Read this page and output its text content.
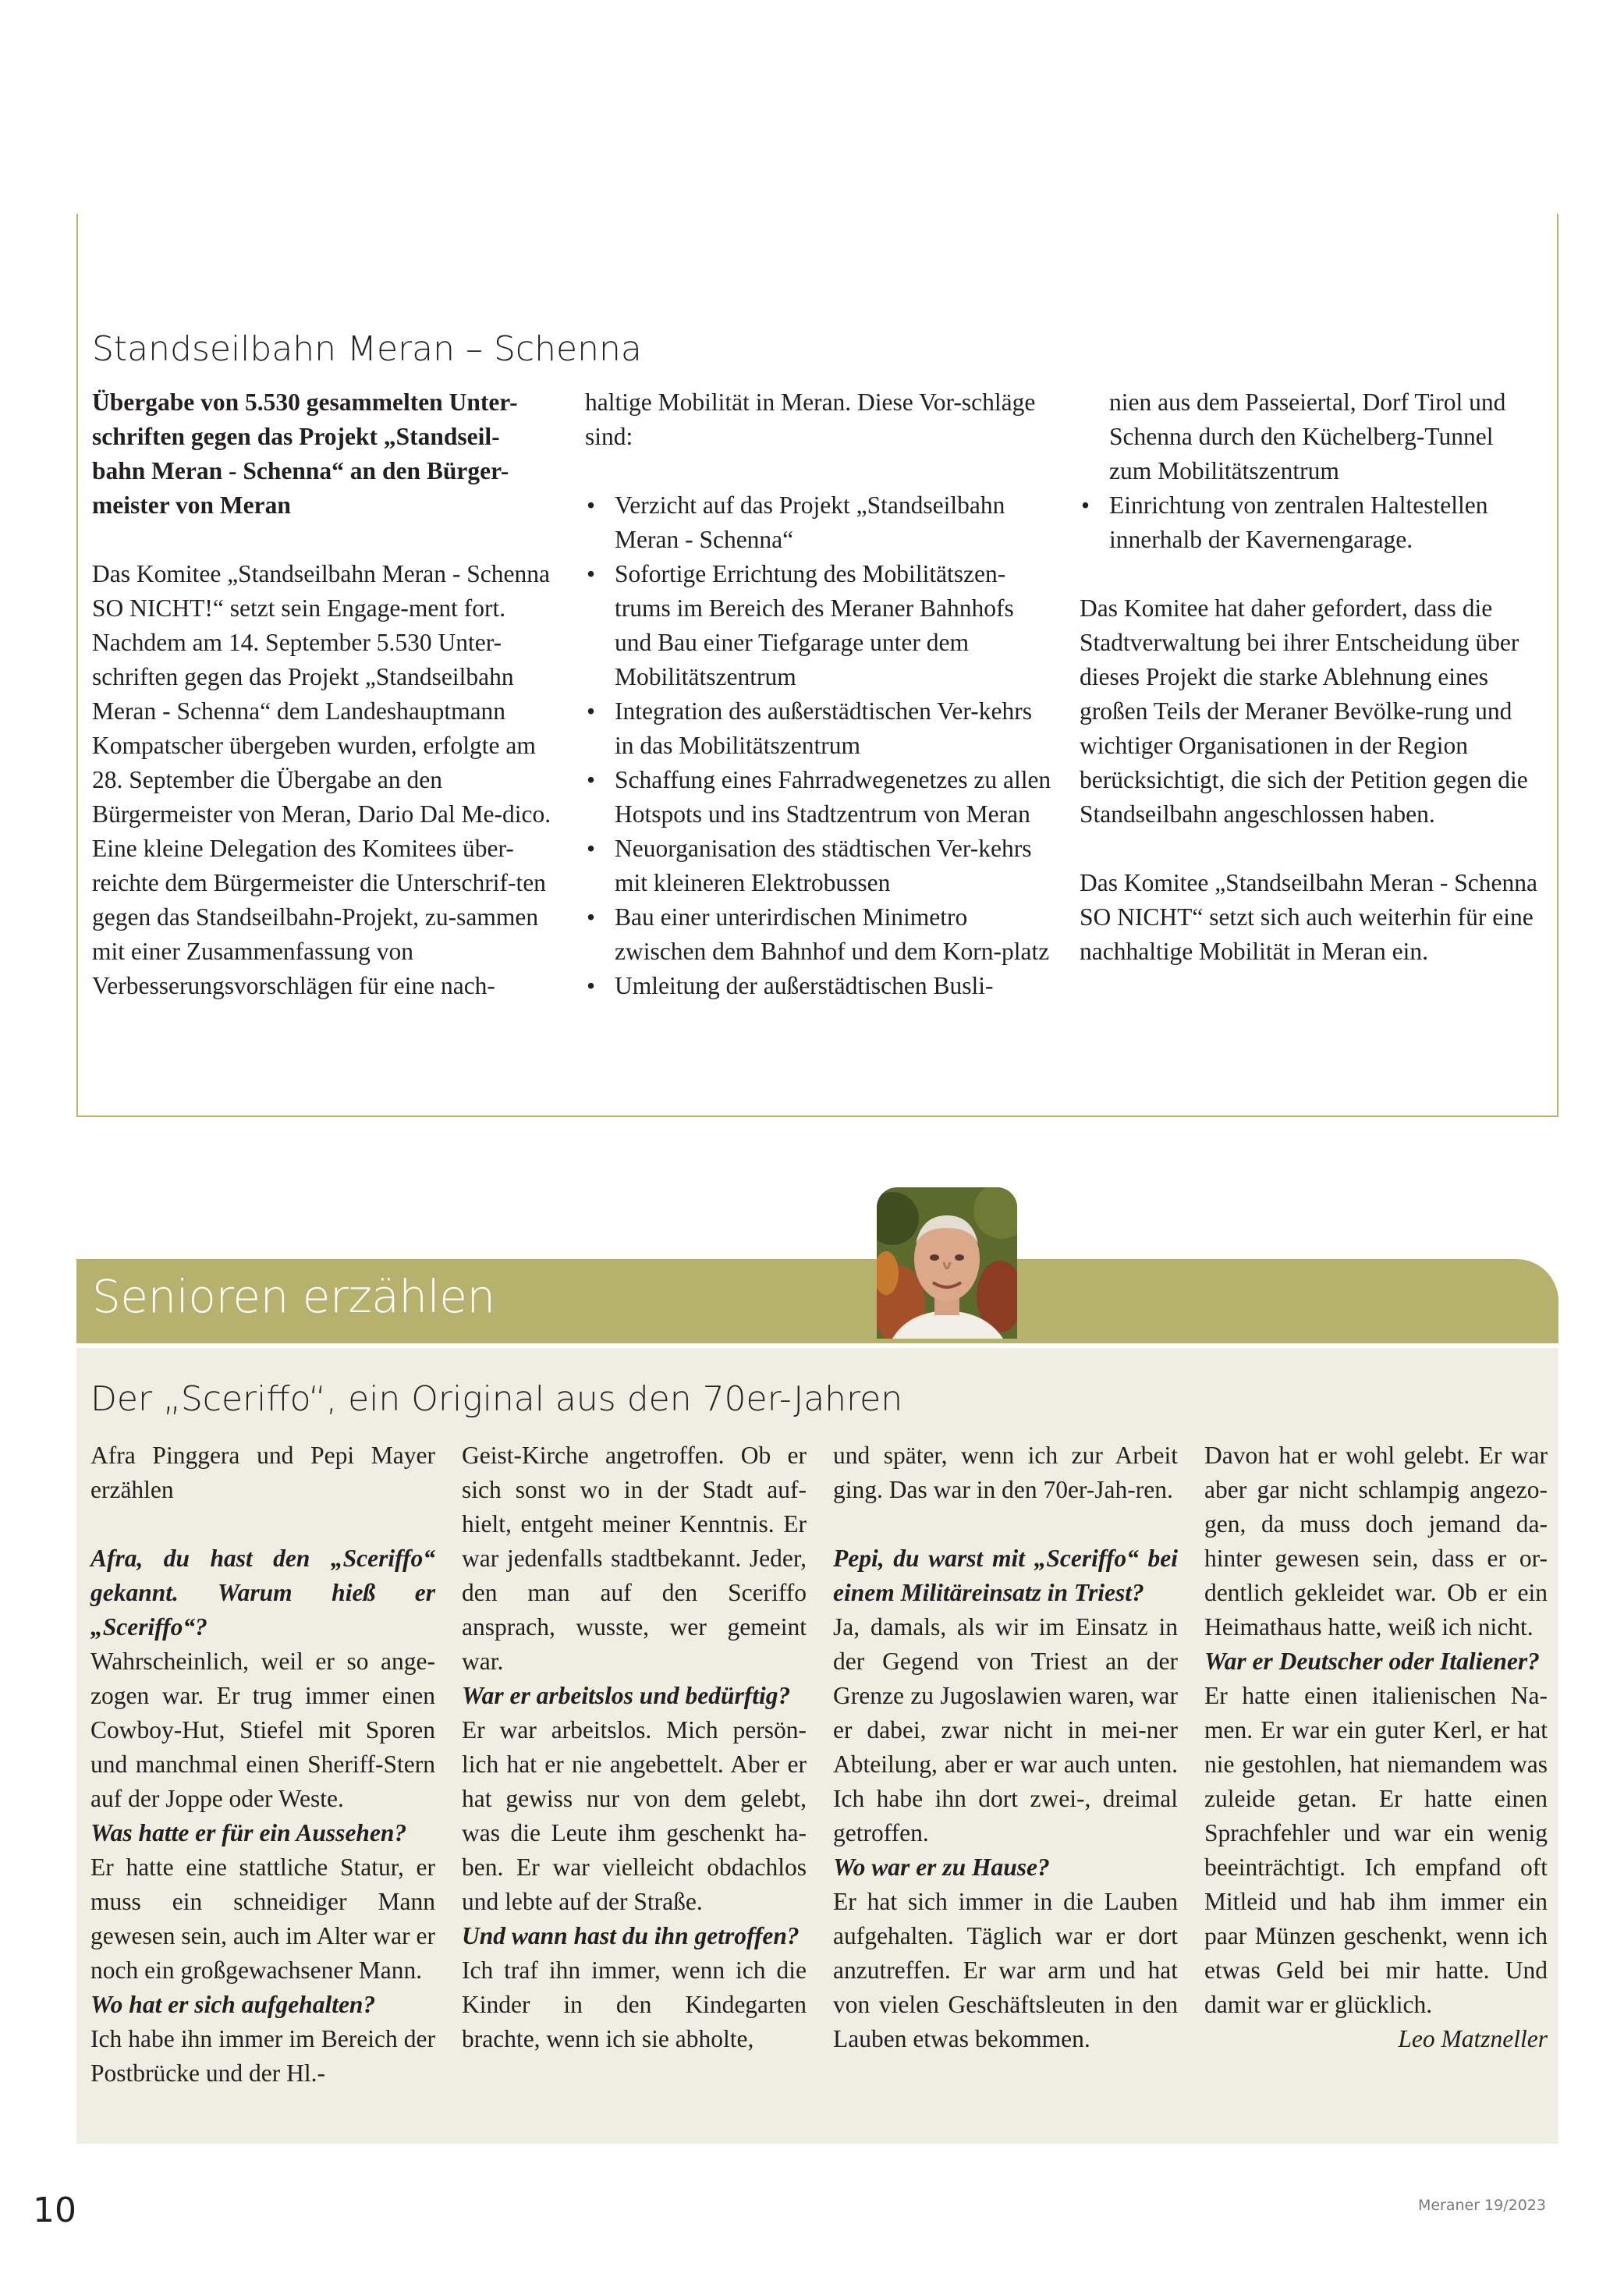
Standseilbahn Meran – Schenna

Übergabe von 5.530 gesammelten Unter-schriften gegen das Projekt „Standseil-bahn Meran - Schenna“ an den Bürger-meister von Meran

Das Komitee „Standseilbahn Meran - Schenna SO NICHT!“ setzt sein Engage-ment fort.

Nachdem am 14. September 5.530 Unter-schriften gegen das Projekt „Standseilbahn Meran - Schenna“ dem Landeshauptmann Kompatscher übergeben wurden, erfolgte am 28. September die Übergabe an den Bürgermeister von Meran, Dario Dal Me-dico.

Eine kleine Delegation des Komitees über-reichte dem Bürgermeister die Unterschrif-ten gegen das Standseilbahn-Projekt, zu-sammen mit einer Zusammenfassung von Verbesserungsvorschlägen für eine nach-

haltige Mobilität in Meran. Diese Vor-schläge sind:

• Verzicht auf das Projekt „Standseilbahn Meran - Schenna“
• Sofortige Errichtung des Mobilitätszen-trums im Bereich des Meraner Bahnhofs und Bau einer Tiefgarage unter dem Mobilitätszentrum
• Integration des außerstädtischen Ver-kehrs in das Mobilitätszentrum
• Schaffung eines Fahrradwegenetzes zu allen Hotspots und ins Stadtzentrum von Meran
• Neuorganisation des städtischen Ver-kehrs mit kleineren Elektrobussen
• Bau einer unterirdischen Minimetro zwischen dem Bahnhof und dem Korn-platz
• Umleitung der außerstädtischen Busli-
nien aus dem Passeiertal, Dorf Tirol und Schenna durch den Küchelberg-Tunnel zum Mobilitätszentrum
• Einrichtung von zentralen Haltestellen innerhalb der Kavernengarage.

Das Komitee hat daher gefordert, dass die Stadtverwaltung bei ihrer Entscheidung über dieses Projekt die starke Ablehnung eines großen Teils der Meraner Bevölke-rung und wichtiger Organisationen in der Region berücksichtigt, die sich der Petition gegen die Standseilbahn angeschlossen haben.

Das Komitee „Standseilbahn Meran - Schenna SO NICHT“ setzt sich auch weiterhin für eine nachhaltige Mobilität in Meran ein.

Senioren erzählen
Der „Sceriffo“, ein Original aus den 70er-Jahren

Afra Pinggera und Pepi Mayer erzählen

Afra, du hast den „Sceriffo“ gekannt. Warum hieß er „Sceriffo“?

Wahrscheinlich, weil er so ange-zogen war. Er trug immer einen Cowboy-Hut, Stiefel mit Sporen und manchmal einen Sheriff-Stern auf der Joppe oder Weste.

Was hatte er für ein Aussehen?

Er hatte eine stattliche Statur, er muss ein schneidiger Mann gewesen sein, auch im Alter war er noch ein großgewachsener Mann.

Wo hat er sich aufgehalten?

Ich habe ihn immer im Bereich der Postbrücke und der Hl.-

Geist-Kirche angetroffen. Ob er sich sonst wo in der Stadt auf-hielt, entgeht meiner Kenntnis. Er war jedenfalls stadtbekannt. Jeder, den man auf den Sceriffo ansprach, wusste, wer gemeint war.

War er arbeitslos und bedürftig?

Er war arbeitslos. Mich persön-lich hat er nie angebettelt. Aber er hat gewiss nur von dem gelebt, was die Leute ihm geschenkt ha-ben. Er war vielleicht obdachlos und lebte auf der Straße.

Und wann hast du ihn getroffen?

Ich traf ihn immer, wenn ich die Kinder in den Kindegarten brachte, wenn ich sie abholte,

und später, wenn ich zur Arbeit ging. Das war in den 70er-Jah-ren.

Pepi, du warst mit „Sceriffo“ bei einem Militäreinsatz in Triest?

Ja, damals, als wir im Einsatz in der Gegend von Triest an der Grenze zu Jugoslawien waren, war er dabei, zwar nicht in mei-ner Abteilung, aber er war auch unten. Ich habe ihn dort zwei-, dreimal getroffen.

Wo war er zu Hause?

Er hat sich immer in die Lauben aufgehalten. Täglich war er dort anzutreffen. Er war arm und hat von vielen Geschäftsleuten in den Lauben etwas bekommen.

Davon hat er wohl gelebt. Er war aber gar nicht schlampig angezo-gen, da muss doch jemand da-hinter gewesen sein, dass er or-dentlich gekleidet war. Ob er ein Heimathaus hatte, weiß ich nicht.

War er Deutscher oder Italiener?

Er hatte einen italienischen Na-men. Er war ein guter Kerl, er hat nie gestohlen, hat niemandem was zuleide getan. Er hatte einen Sprachfehler und war ein wenig beeinträchtigt. Ich empfand oft Mitleid und hab ihm immer ein paar Münzen geschenkt, wenn ich etwas Geld bei mir hatte. Und damit war er glücklich.

Leo Matzneller

10	Meraner 19/2023
